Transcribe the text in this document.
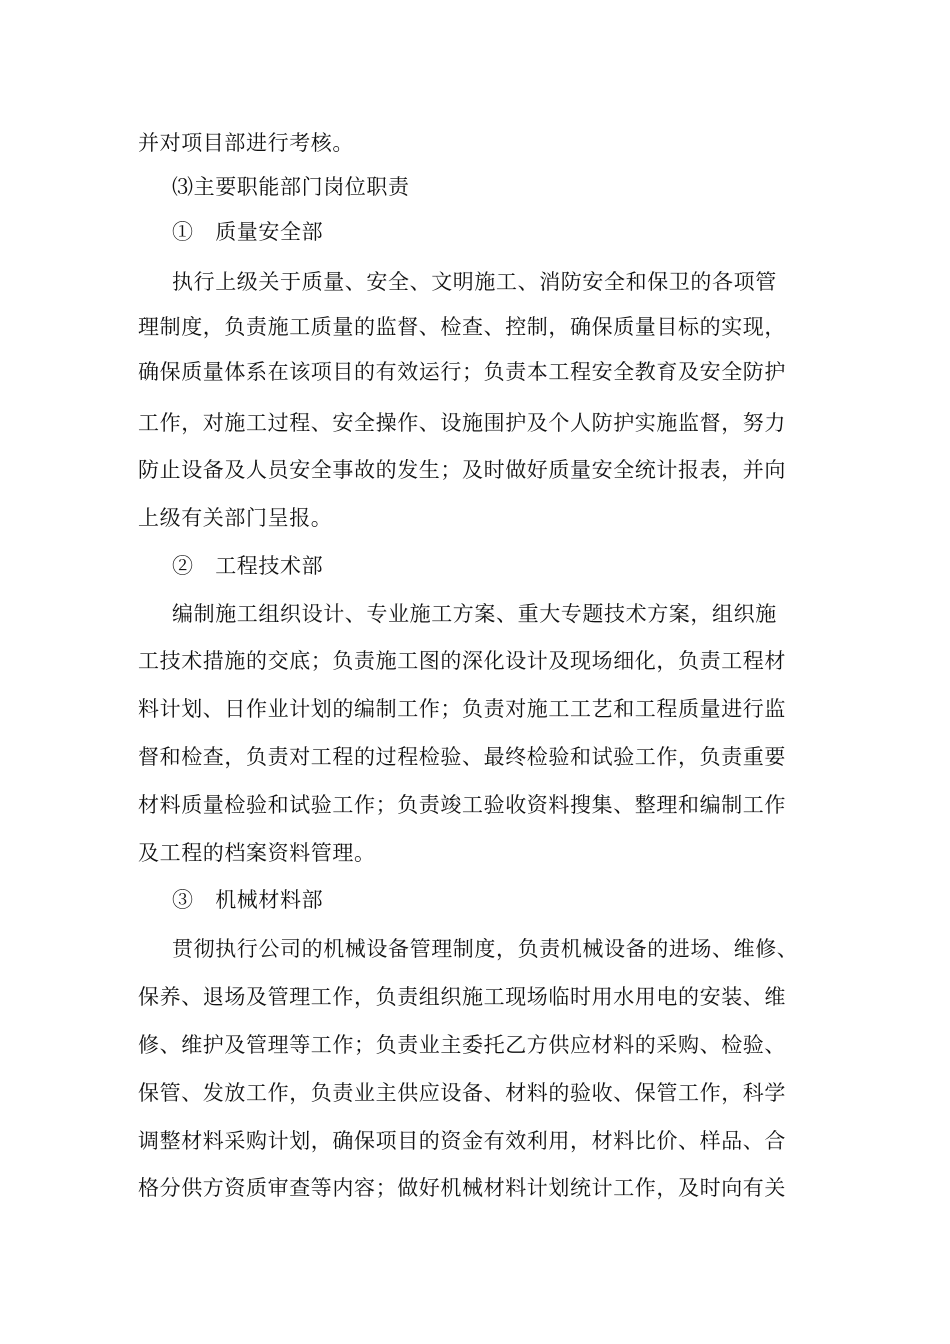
并对项目部进行考核。
⑶主要职能部门岗位职责
①　质量安全部
执行上级关于质量、安全、文明施工、消防安全和保卫的各项管
理制度，负责施工质量的监督、检查、控制，确保质量目标的实现，
确保质量体系在该项目的有效运行；负责本工程安全教育及安全防护
工作，对施工过程、安全操作、设施围护及个人防护实施监督，努力
防止设备及人员安全事故的发生；及时做好质量安全统计报表，并向
上级有关部门呈报。
②　工程技术部
编制施工组织设计、专业施工方案、重大专题技术方案，组织施
工技术措施的交底；负责施工图的深化设计及现场细化，负责工程材
料计划、日作业计划的编制工作；负责对施工工艺和工程质量进行监
督和检查，负责对工程的过程检验、最终检验和试验工作，负责重要
材料质量检验和试验工作；负责竣工验收资料搜集、整理和编制工作
及工程的档案资料管理。
③　机械材料部
贯彻执行公司的机械设备管理制度，负责机械设备的进场、维修、
保养、退场及管理工作，负责组织施工现场临时用水用电的安装、维
修、维护及管理等工作；负责业主委托乙方供应材料的采购、检验、
保管、发放工作，负责业主供应设备、材料的验收、保管工作，科学
调整材料采购计划，确保项目的资金有效利用，材料比价、样品、合
格分供方资质审查等内容；做好机械材料计划统计工作，及时向有关
